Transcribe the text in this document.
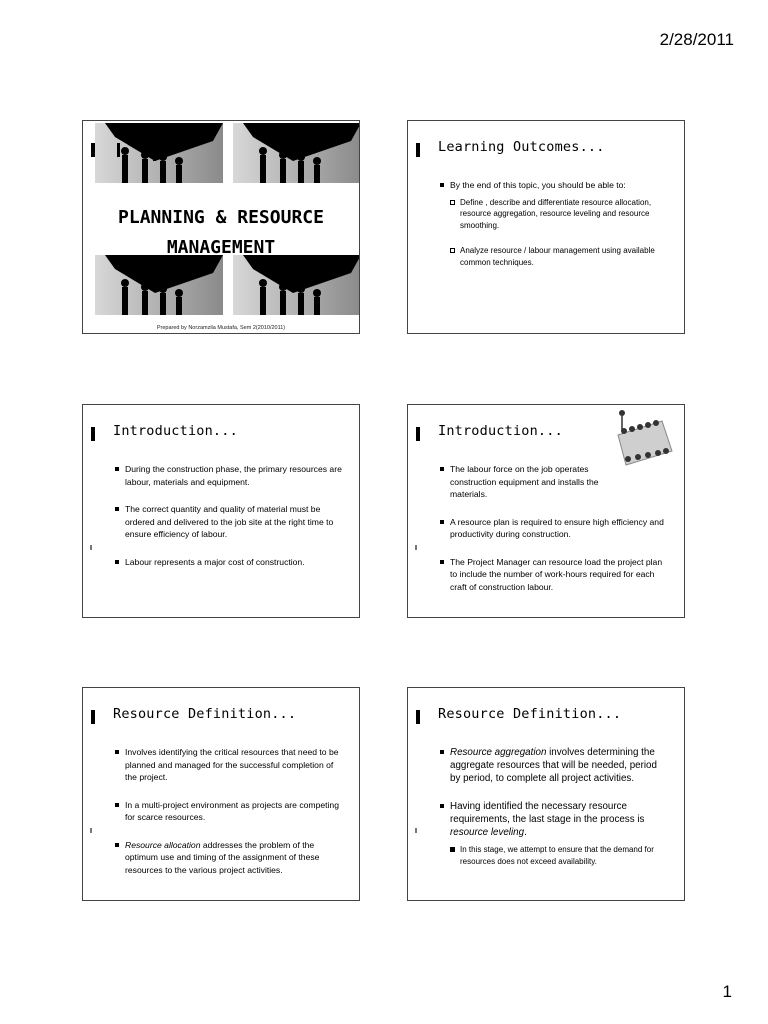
2/28/2011
PLANNING & RESOURCE
MANAGEMENT
Prepared by Norzamzila Mustafa, Sem 2(2010/2011)
Learning Outcomes...
By the end of this topic, you should be able to:
Define , describe and differentiate resource allocation, resource aggregation, resource leveling and resource smoothing.
Analyze resource / labour management using available common techniques.
Introduction...
During the construction phase, the primary resources are labour, materials and equipment.
The correct quantity and quality of material must be ordered and delivered to the job site at the right time to ensure efficiency of labour.
Labour represents a major cost of construction.
Introduction...
The labour force on the job operates construction equipment and installs the materials.
A resource plan is required to ensure high efficiency and productivity during construction.
The Project Manager can resource load the project plan to include the number of work-hours required for each craft of construction labour.
Resource Definition...
Involves identifying the critical resources that need to be planned and managed for the successful completion of the project.
In a multi-project environment as projects are competing for scarce resources.
Resource allocation addresses the problem of the optimum use and timing of the assignment of these resources to the various project activities.
Resource Definition...
Resource aggregation involves determining the aggregate resources that will be needed, period by period, to complete all project activities.
Having identified the necessary resource requirements, the last stage in the process is resource leveling.
In this stage, we attempt to ensure that the demand for resources does not exceed availability.
1
